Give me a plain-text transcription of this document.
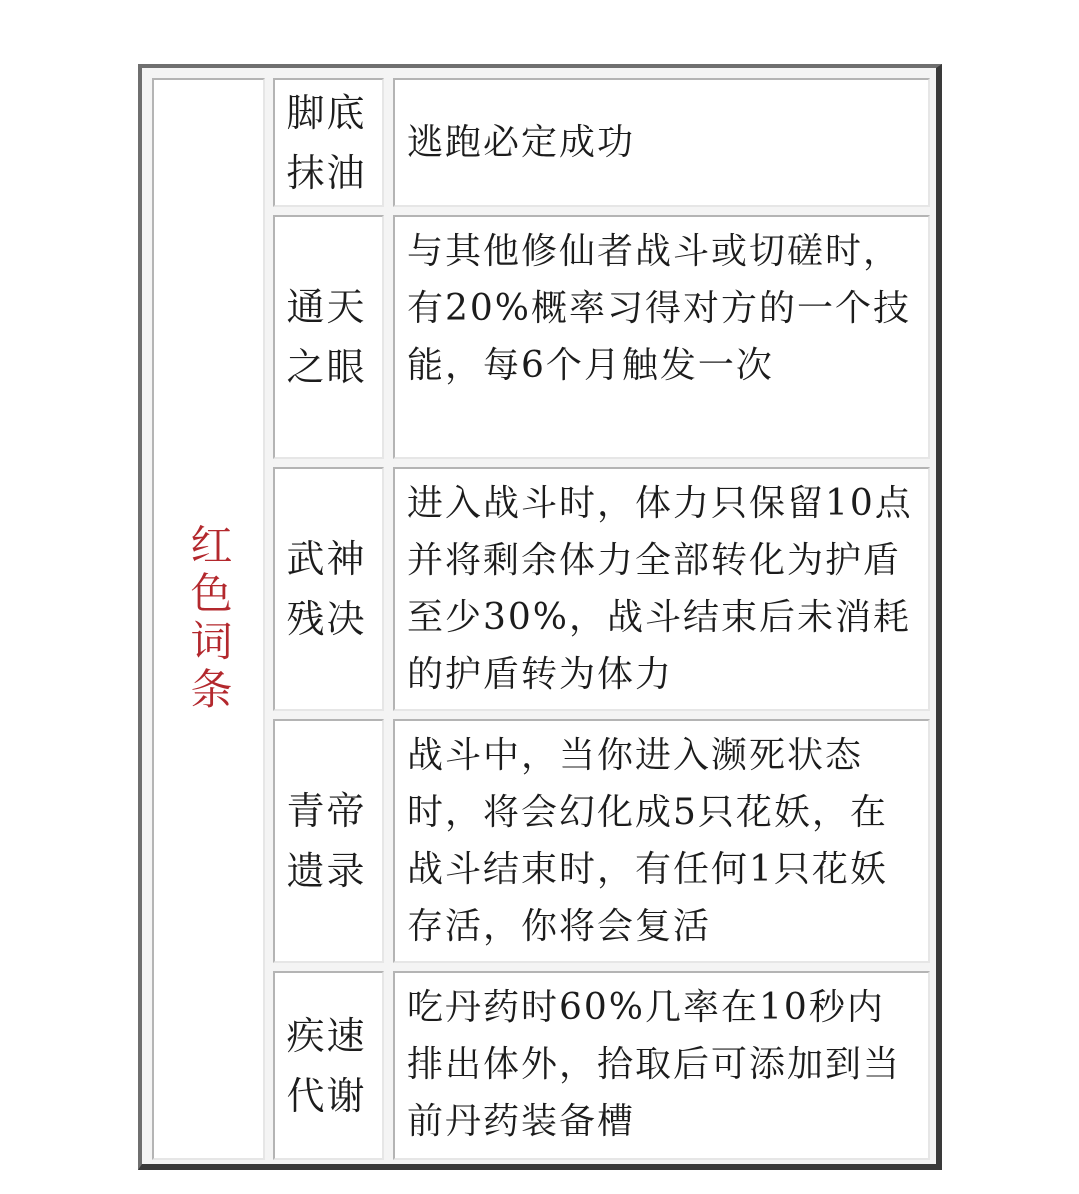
红色词条
脚底抹油
逃跑必定成功
通天之眼
与其他修仙者战斗或切磋时，有20%概率习得对方的一个技能，每6个月触发一次
武神残决
进入战斗时，体力只保留10点并将剩余体力全部转化为护盾至少30%，战斗结束后未消耗的护盾转为体力
青帝遗录
战斗中，当你进入濒死状态时，将会幻化成5只花妖，在战斗结束时，有任何1只花妖存活，你将会复活
疾速代谢
吃丹药时60%几率在10秒内排出体外，拾取后可添加到当前丹药装备槽
